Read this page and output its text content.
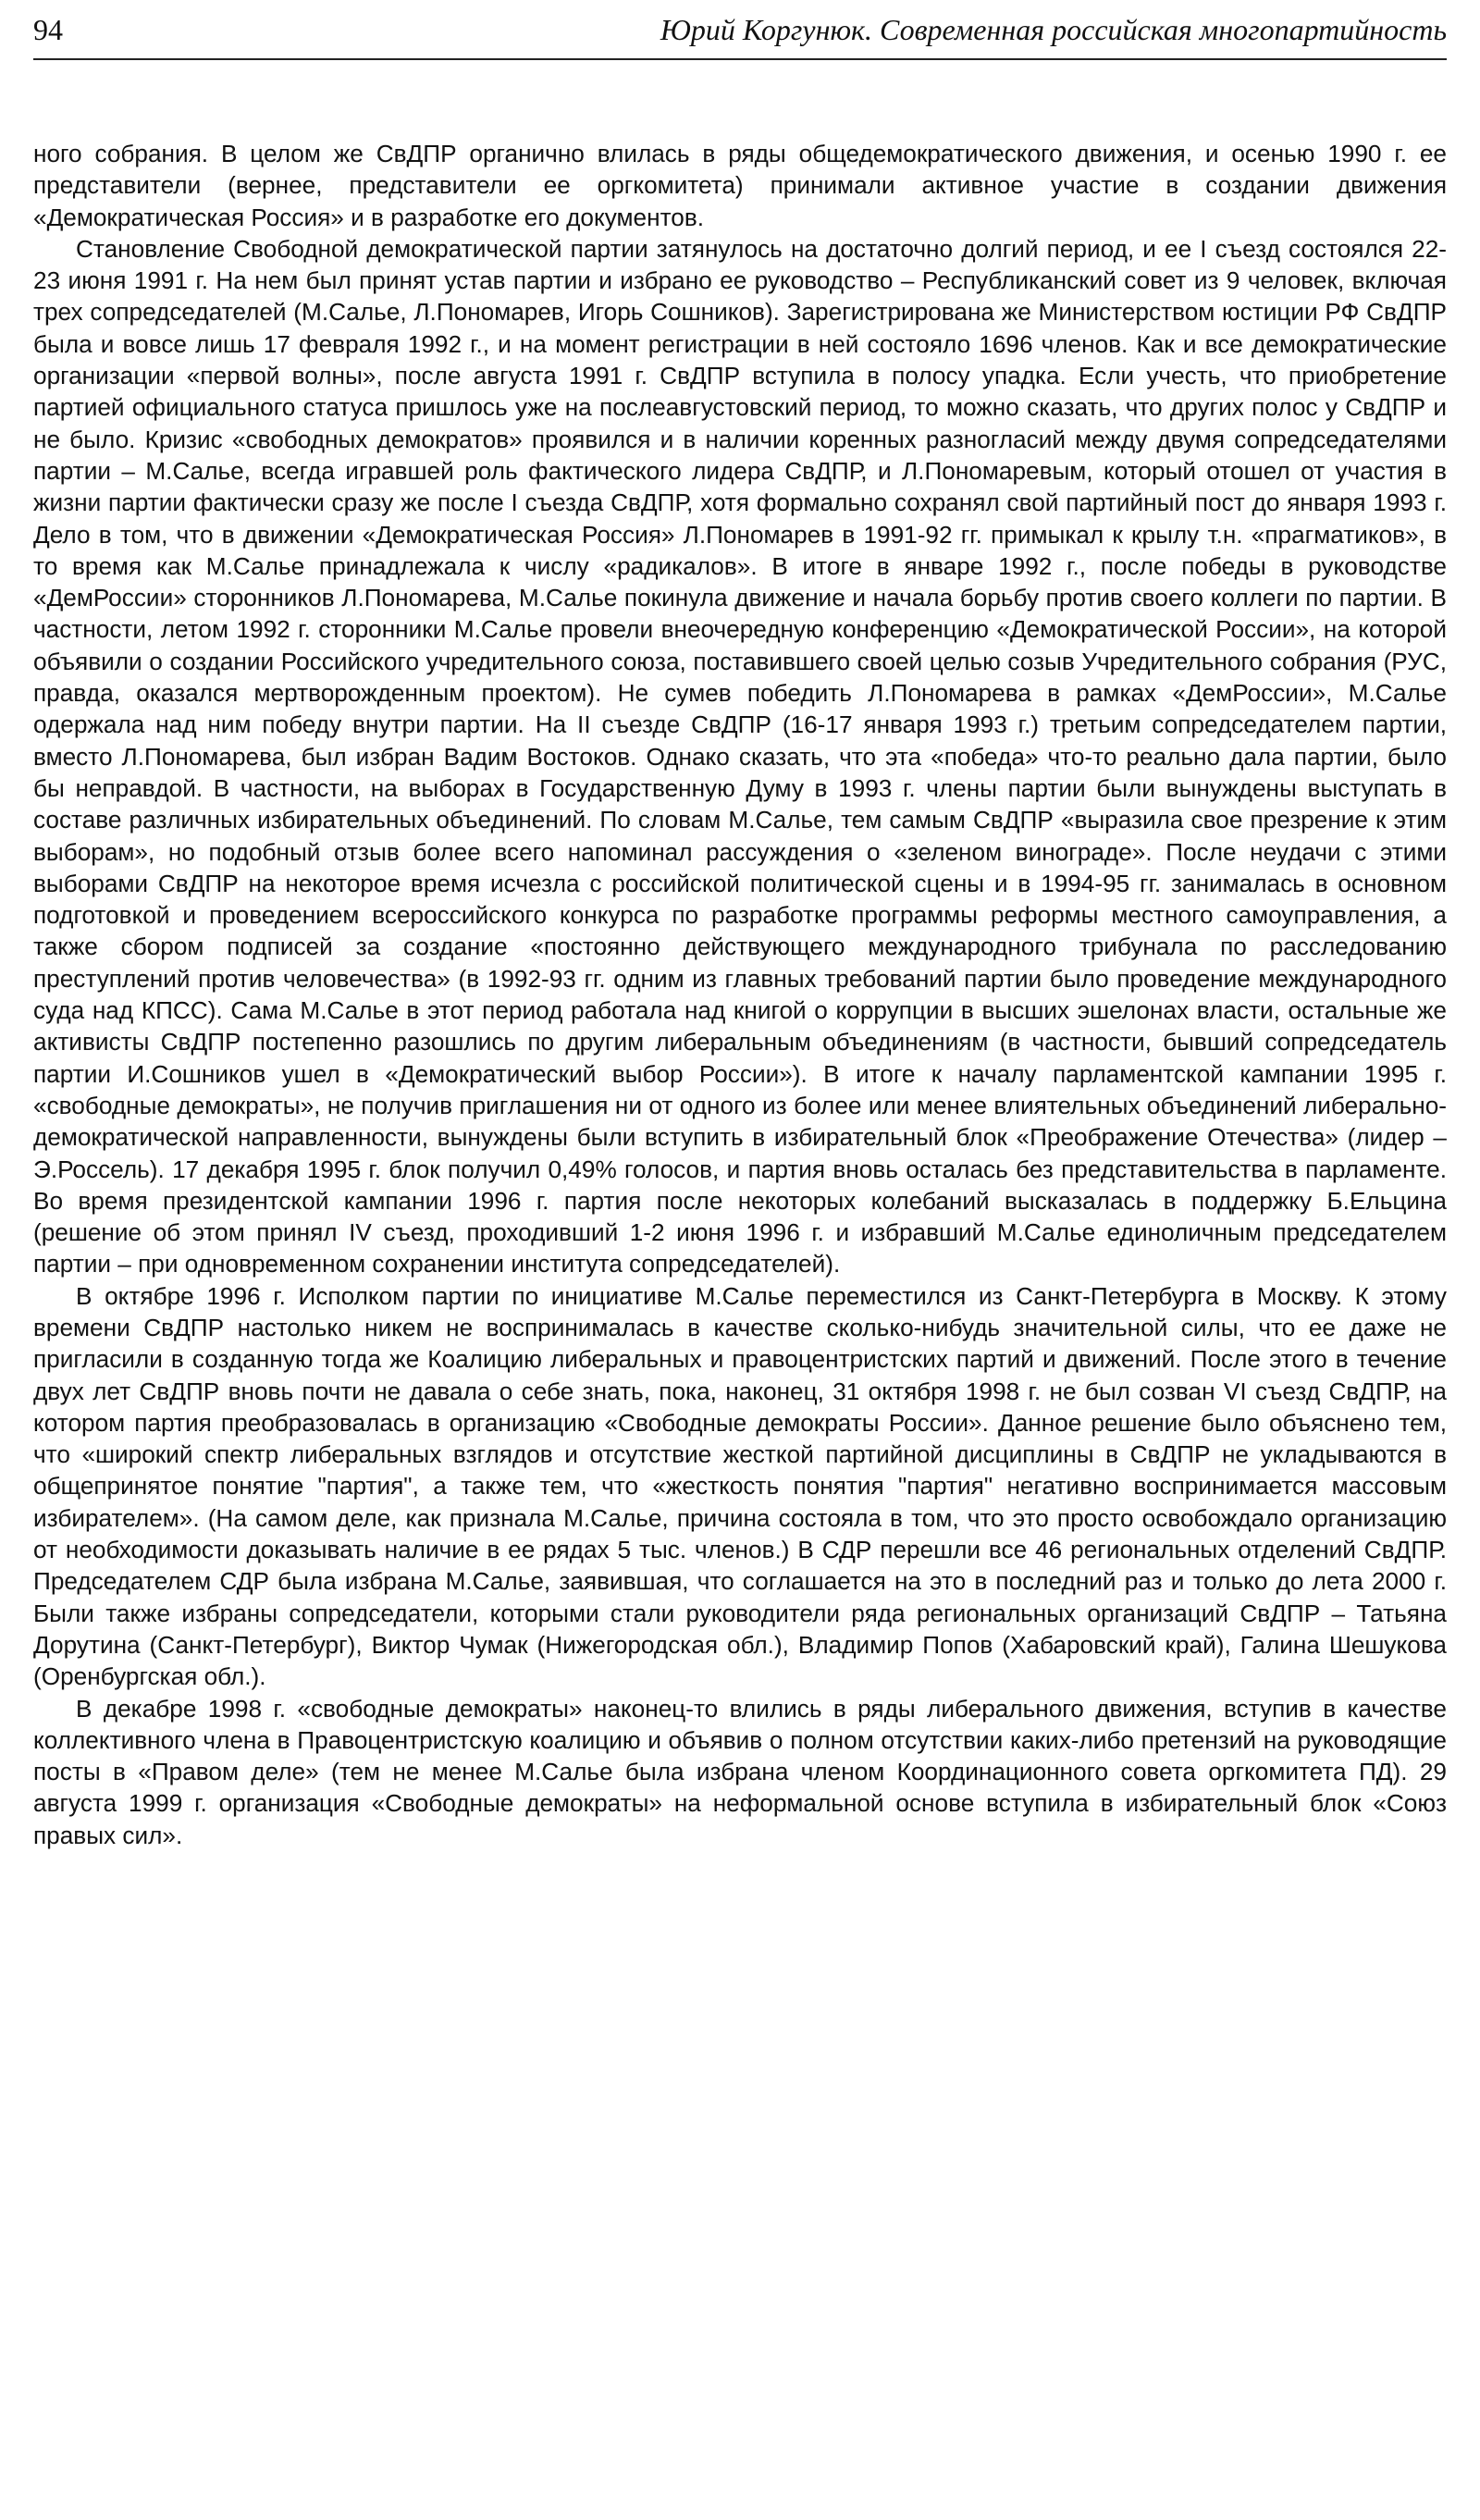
94	Юрий Коргунюк. Современная российская многопартийность

ного собрания. В целом же СвДПР органично влилась в ряды общедемократического движения, и осенью 1990 г. ее представители (вернее, представители ее оргкомитета) принимали активное участие в создании движения «Демократическая Россия» и в разработке его документов.

Становление Свободной демократической партии затянулось на достаточно долгий период, и ее I съезд состоялся 22-23 июня 1991 г. На нем был принят устав партии и избрано ее руководство – Республиканский совет из 9 человек, включая трех сопредседателей (М.Салье, Л.Пономарев, Игорь Сошников). Зарегистрирована же Министерством юстиции РФ СвДПР была и вовсе лишь 17 февраля 1992 г., и на момент регистрации в ней состояло 1696 членов. Как и все демократические организации «первой волны», после августа 1991 г. СвДПР вступила в полосу упадка. Если учесть, что приобретение партией официального статуса пришлось уже на послеавгустовский период, то можно сказать, что других полос у СвДПР и не было. Кризис «свободных демократов» проявился и в наличии коренных разногласий между двумя сопредседателями партии – М.Салье, всегда игравшей роль фактического лидера СвДПР, и Л.Пономаревым, который отошел от участия в жизни партии фактически сразу же после I съезда СвДПР, хотя формально сохранял свой партийный пост до января 1993 г. Дело в том, что в движении «Демократическая Россия» Л.Пономарев в 1991-92 гг. примыкал к крылу т.н. «прагматиков», в то время как М.Салье принадлежала к числу «радикалов». В итоге в январе 1992 г., после победы в руководстве «ДемРоссии» сторонников Л.Пономарева, М.Салье покинула движение и начала борьбу против своего коллеги по партии. В частности, летом 1992 г. сторонники М.Салье провели внеочередную конференцию «Демократической России», на которой объявили о создании Российского учредительного союза, поставившего своей целью созыв Учредительного собрания (РУС, правда, оказался мертворожденным проектом). Не сумев победить Л.Пономарева в рамках «ДемРоссии», М.Салье одержала над ним победу внутри партии. На II съезде СвДПР (16-17 января 1993 г.) третьим сопредседателем партии, вместо Л.Пономарева, был избран Вадим Востоков. Однако сказать, что эта «победа» что-то реально дала партии, было бы неправдой. В частности, на выборах в Государственную Думу в 1993 г. члены партии были вынуждены выступать в составе различных избирательных объединений. По словам М.Салье, тем самым СвДПР «выразила свое презрение к этим выборам», но подобный отзыв более всего напоминал рассуждения о «зеленом винограде». После неудачи с этими выборами СвДПР на некоторое время исчезла с российской политической сцены и в 1994-95 гг. занималась в основном подготовкой и проведением всероссийского конкурса по разработке программы реформы местного самоуправления, а также сбором подписей за создание «постоянно действующего международного трибунала по расследованию преступлений против человечества» (в 1992-93 гг. одним из главных требований партии было проведение международного суда над КПСС). Сама М.Салье в этот период работала над книгой о коррупции в высших эшелонах власти, остальные же активисты СвДПР постепенно разошлись по другим либеральным объединениям (в частности, бывший сопредседатель партии И.Сошников ушел в «Демократический выбор России»). В итоге к началу парламентской кампании 1995 г. «свободные демократы», не получив приглашения ни от одного из более или менее влиятельных объединений либерально-демократической направленности, вынуждены были вступить в избирательный блок «Преображение Отечества» (лидер – Э.Россель). 17 декабря 1995 г. блок получил 0,49% голосов, и партия вновь осталась без представительства в парламенте. Во время президентской кампании 1996 г. партия после некоторых колебаний высказалась в поддержку Б.Ельцина (решение об этом принял IV съезд, проходивший 1-2 июня 1996 г. и избравший М.Салье единоличным председателем партии – при одновременном сохранении института сопредседателей).

В октябре 1996 г. Исполком партии по инициативе М.Салье переместился из Санкт-Петербурга в Москву. К этому времени СвДПР настолько никем не воспринималась в качестве сколько-нибудь значительной силы, что ее даже не пригласили в созданную тогда же Коалицию либеральных и правоцентристских партий и движений. После этого в течение двух лет СвДПР вновь почти не давала о себе знать, пока, наконец, 31 октября 1998 г. не был созван VI съезд СвДПР, на котором партия преобразовалась в организацию «Свободные демократы России». Данное решение было объяснено тем, что «широкий спектр либеральных взглядов и отсутствие жесткой партийной дисциплины в СвДПР не укладываются в общепринятое понятие "партия", а также тем, что «жесткость понятия "партия" негативно воспринимается массовым избирателем». (На самом деле, как признала М.Салье, причина состояла в том, что это просто освобождало организацию от необходимости доказывать наличие в ее рядах 5 тыс. членов.) В СДР перешли все 46 региональных отделений СвДПР. Председателем СДР была избрана М.Салье, заявившая, что соглашается на это в последний раз и только до лета 2000 г. Были также избраны сопредседатели, которыми стали руководители ряда региональных организаций СвДПР – Татьяна Дорутина (Санкт-Петербург), Виктор Чумак (Нижегородская обл.), Владимир Попов (Хабаровский край), Галина Шешукова (Оренбургская обл.).

В декабре 1998 г. «свободные демократы» наконец-то влились в ряды либерального движения, вступив в качестве коллективного члена в Правоцентристскую коалицию и объявив о полном отсутствии каких-либо претензий на руководящие посты в «Правом деле» (тем не менее М.Салье была избрана членом Координационного совета оргкомитета ПД). 29 августа 1999 г. организация «Свободные демократы» на неформальной основе вступила в избирательный блок «Союз правых сил».
